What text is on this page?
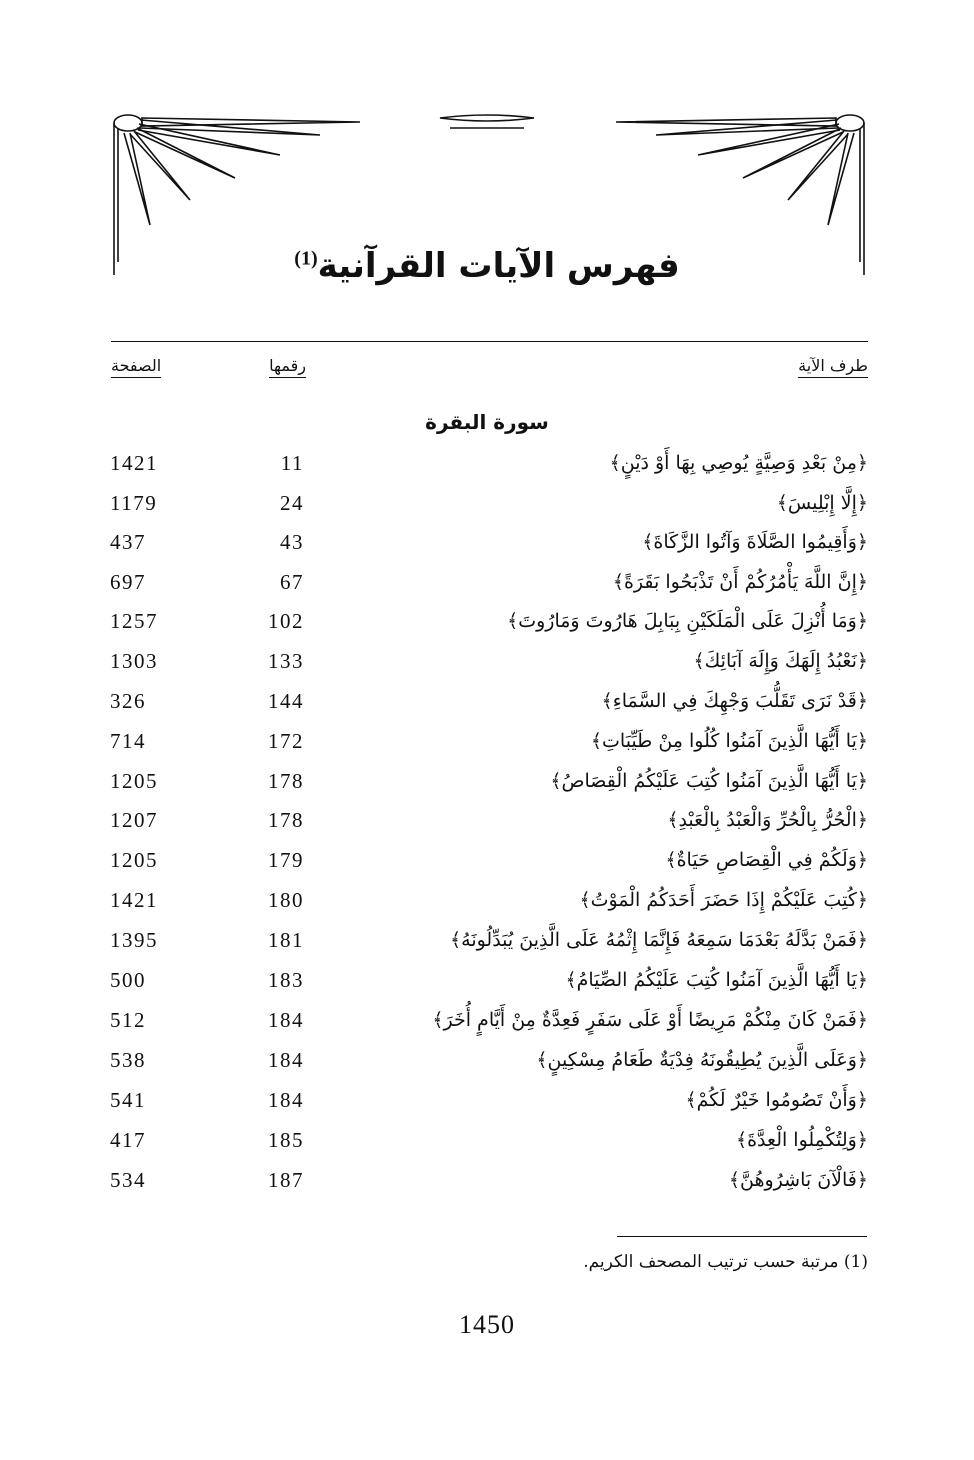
فهرس الآيات القرآنية$^{(1)}$
طرف الآية
رقمها
الصفحة
سورة البقرة
﴿مِنْ بَعْدِ وَصِيَّةٍ يُوصِي بِهَا أَوْ دَيْنٍ﴾
11
1421
﴿إِلَّا إِبْلِيسَ﴾
24
1179
﴿وَأَقِيمُوا الصَّلَاةَ وَآتُوا الزَّكَاةَ﴾
43
437
﴿إِنَّ اللَّهَ يَأْمُرُكُمْ أَنْ تَذْبَحُوا بَقَرَةً﴾
67
697
﴿وَمَا أُنْزِلَ عَلَى الْمَلَكَيْنِ بِبَابِلَ هَارُوتَ وَمَارُوتَ﴾
102
1257
﴿نَعْبُدُ إِلَهَكَ وَإِلَهَ آبَائِكَ﴾
133
1303
﴿قَدْ نَرَى تَقَلُّبَ وَجْهِكَ فِي السَّمَاءِ﴾
144
326
﴿يَا أَيُّهَا الَّذِينَ آمَنُوا كُلُوا مِنْ طَيِّبَاتِ﴾
172
714
﴿يَا أَيُّهَا الَّذِينَ آمَنُوا كُتِبَ عَلَيْكُمُ الْقِصَاصُ﴾
178
1205
﴿الْحُرُّ بِالْحُرِّ وَالْعَبْدُ بِالْعَبْدِ﴾
178
1207
﴿وَلَكُمْ فِي الْقِصَاصِ حَيَاةٌ﴾
179
1205
﴿كُتِبَ عَلَيْكُمْ إِذَا حَضَرَ أَحَدَكُمُ الْمَوْتُ﴾
180
1421
﴿فَمَنْ بَدَّلَهُ بَعْدَمَا سَمِعَهُ فَإِنَّمَا إِثْمُهُ عَلَى الَّذِينَ يُبَدِّلُونَهُ﴾
181
1395
﴿يَا أَيُّهَا الَّذِينَ آمَنُوا كُتِبَ عَلَيْكُمُ الصِّيَامُ﴾
183
500
﴿فَمَنْ كَانَ مِنْكُمْ مَرِيضًا أَوْ عَلَى سَفَرٍ فَعِدَّةٌ مِنْ أَيَّامٍ أُخَرَ﴾
184
512
﴿وَعَلَى الَّذِينَ يُطِيقُونَهُ فِدْيَةٌ طَعَامُ مِسْكِينٍ﴾
184
538
﴿وَأَنْ تَصُومُوا خَيْرٌ لَكُمْ﴾
184
541
﴿وَلِتُكْمِلُوا الْعِدَّةَ﴾
185
417
﴿فَالْآنَ بَاشِرُوهُنَّ﴾
187
534
(1) مرتبة حسب ترتيب المصحف الكريم.
1450
